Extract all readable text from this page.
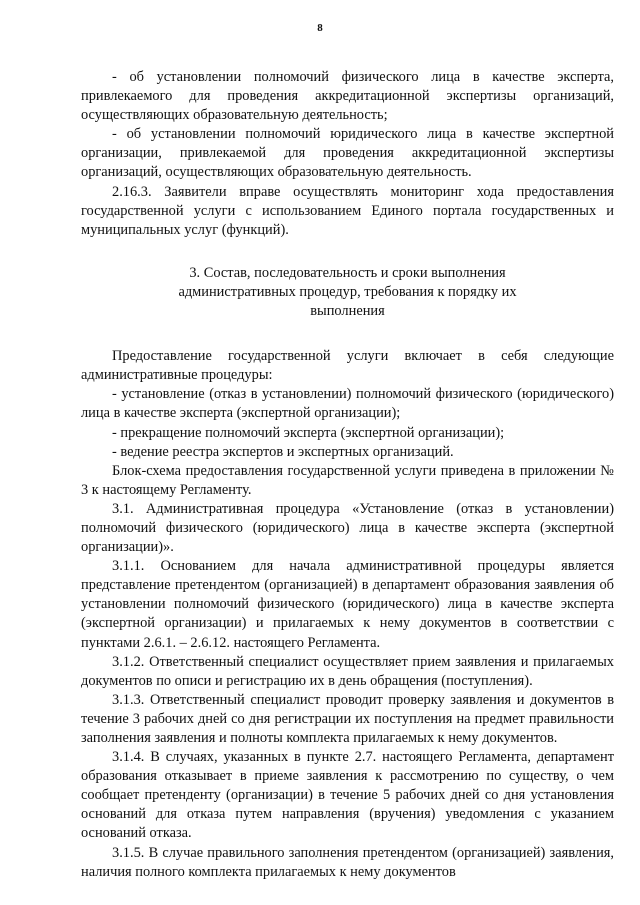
8

- об установлении полномочий физического лица в качестве эксперта, привлекаемого для проведения аккредитационной экспертизы организаций, осуществляющих образовательную деятельность;

- об установлении полномочий юридического лица в качестве экспертной организации, привлекаемой для проведения аккредитационной экспертизы организаций, осуществляющих образовательную деятельность.

2.16.3. Заявители вправе осуществлять мониторинг хода предоставления государственной услуги с использованием Единого портала государственных и муниципальных услуг (функций).

3. Состав, последовательность и сроки выполнения
административных процедур, требования к порядку их
выполнения

Предоставление государственной услуги включает в себя следующие административные процедуры:

- установление (отказ в установлении) полномочий физического (юридического) лица в качестве эксперта (экспертной организации);

- прекращение полномочий эксперта (экспертной организации);

- ведение реестра экспертов и экспертных организаций.

Блок-схема предоставления государственной услуги приведена в приложении № 3 к настоящему Регламенту.

3.1. Административная процедура «Установление (отказ в установлении) полномочий физического (юридического) лица в качестве эксперта (экспертной организации)».

3.1.1. Основанием для начала административной процедуры является представление претендентом (организацией) в департамент образования заявления об установлении полномочий физического (юридического) лица в качестве эксперта (экспертной организации) и прилагаемых к нему документов в соответствии с пунктами 2.6.1. – 2.6.12. настоящего Регламента.

3.1.2. Ответственный специалист осуществляет прием заявления и прилагаемых документов по описи и регистрацию их в день обращения (поступления).

3.1.3. Ответственный специалист проводит проверку заявления и документов в течение 3 рабочих дней со дня регистрации их поступления на предмет правильности заполнения заявления и полноты комплекта прилагаемых к нему документов.

3.1.4. В случаях, указанных в пункте 2.7. настоящего Регламента, департамент образования отказывает в приеме заявления к рассмотрению по существу, о чем сообщает претенденту (организации) в течение 5 рабочих дней со дня установления оснований для отказа путем направления (вручения) уведомления с указанием оснований отказа.

3.1.5. В случае правильного заполнения претендентом (организацией) заявления, наличия полного комплекта прилагаемых к нему документов
